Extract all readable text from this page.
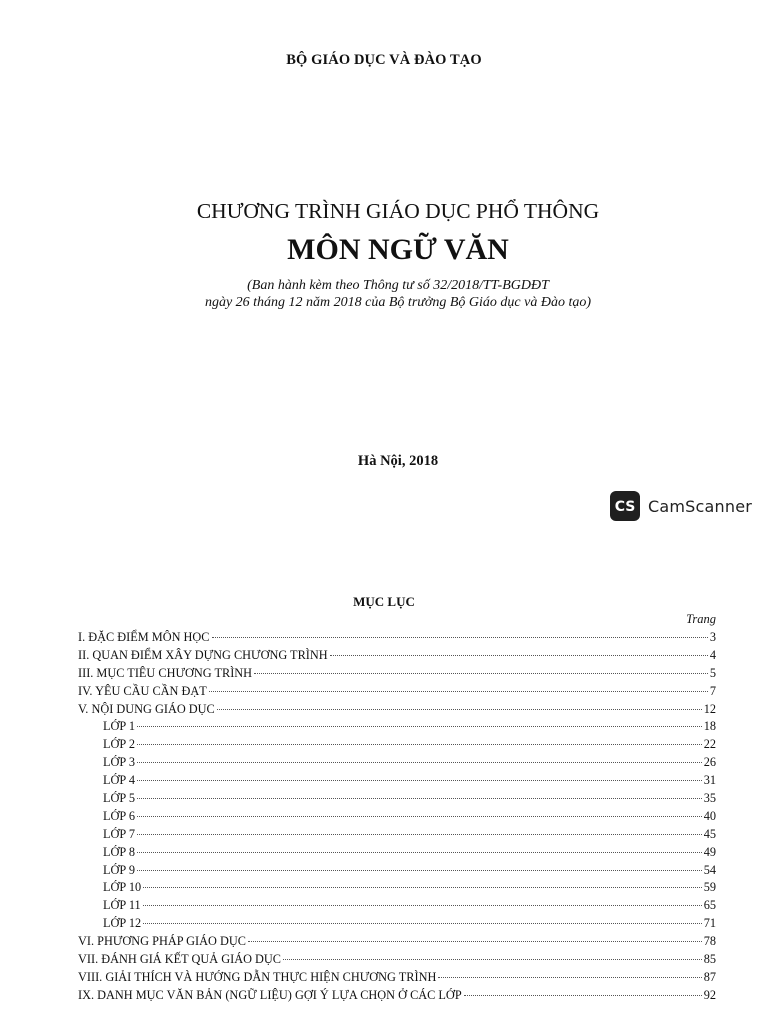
BỘ GIÁO DỤC VÀ ĐÀO TẠO
CHƯƠNG TRÌNH GIÁO DỤC PHỔ THÔNG
MÔN NGỮ VĂN
(Ban hành kèm theo Thông tư số 32/2018/TT-BGDĐT
ngày 26 tháng 12 năm 2018 của Bộ trưởng Bộ Giáo dục và Đào tạo)
Hà Nội, 2018
CS CamScanner
MỤC LỤC
Trang
I. ĐẶC ĐIỂM MÔN HỌC	3
II. QUAN ĐIỂM XÂY DỰNG CHƯƠNG TRÌNH	4
III. MỤC TIÊU CHƯƠNG TRÌNH	5
IV. YÊU CẦU CẦN ĐẠT	7
V. NỘI DUNG GIÁO DỤC	12
LỚP 1	18
LỚP 2	22
LỚP 3	26
LỚP 4	31
LỚP 5	35
LỚP 6	40
LỚP 7	45
LỚP 8	49
LỚP 9	54
LỚP 10	59
LỚP 11	65
LỚP 12	71
VI. PHƯƠNG PHÁP GIÁO DỤC	78
VII. ĐÁNH GIÁ KẾT QUẢ GIÁO DỤC	85
VIII. GIẢI THÍCH VÀ HƯỚNG DẪN THỰC HIỆN CHƯƠNG TRÌNH	87
IX. DANH MỤC VĂN BẢN (NGỮ LIỆU) GỢI Ý LỰA CHỌN Ở CÁC LỚP	92
